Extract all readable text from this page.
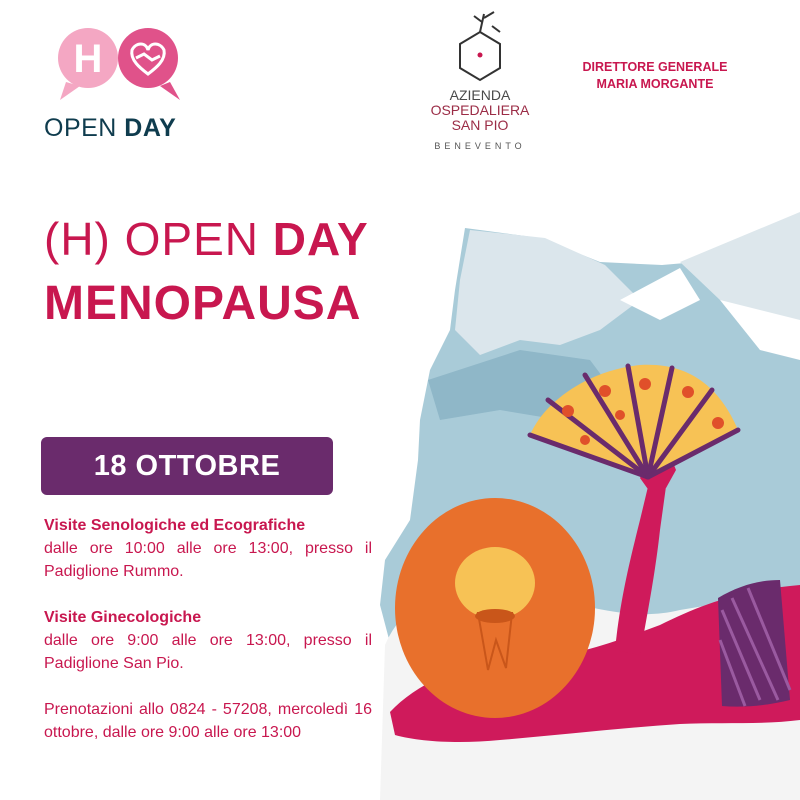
H
OPEN DAY
AZIENDA
OSPEDALIERA
SAN PIO
BENEVENTO
DIRETTORE GENERALE
MARIA MORGANTE
(H) OPEN DAY
MENOPAUSA
18 OTTOBRE

Visite Senologiche ed Ecografiche

dalle ore 10:00 alle ore 13:00, presso il Padiglione Rummo.

Visite Ginecologiche

dalle ore 9:00 alle ore 13:00, presso il Padiglione San Pio.

Prenotazioni allo 0824 - 57208, mercoledì 16 ottobre, dalle ore 9:00 alle ore 13:00
